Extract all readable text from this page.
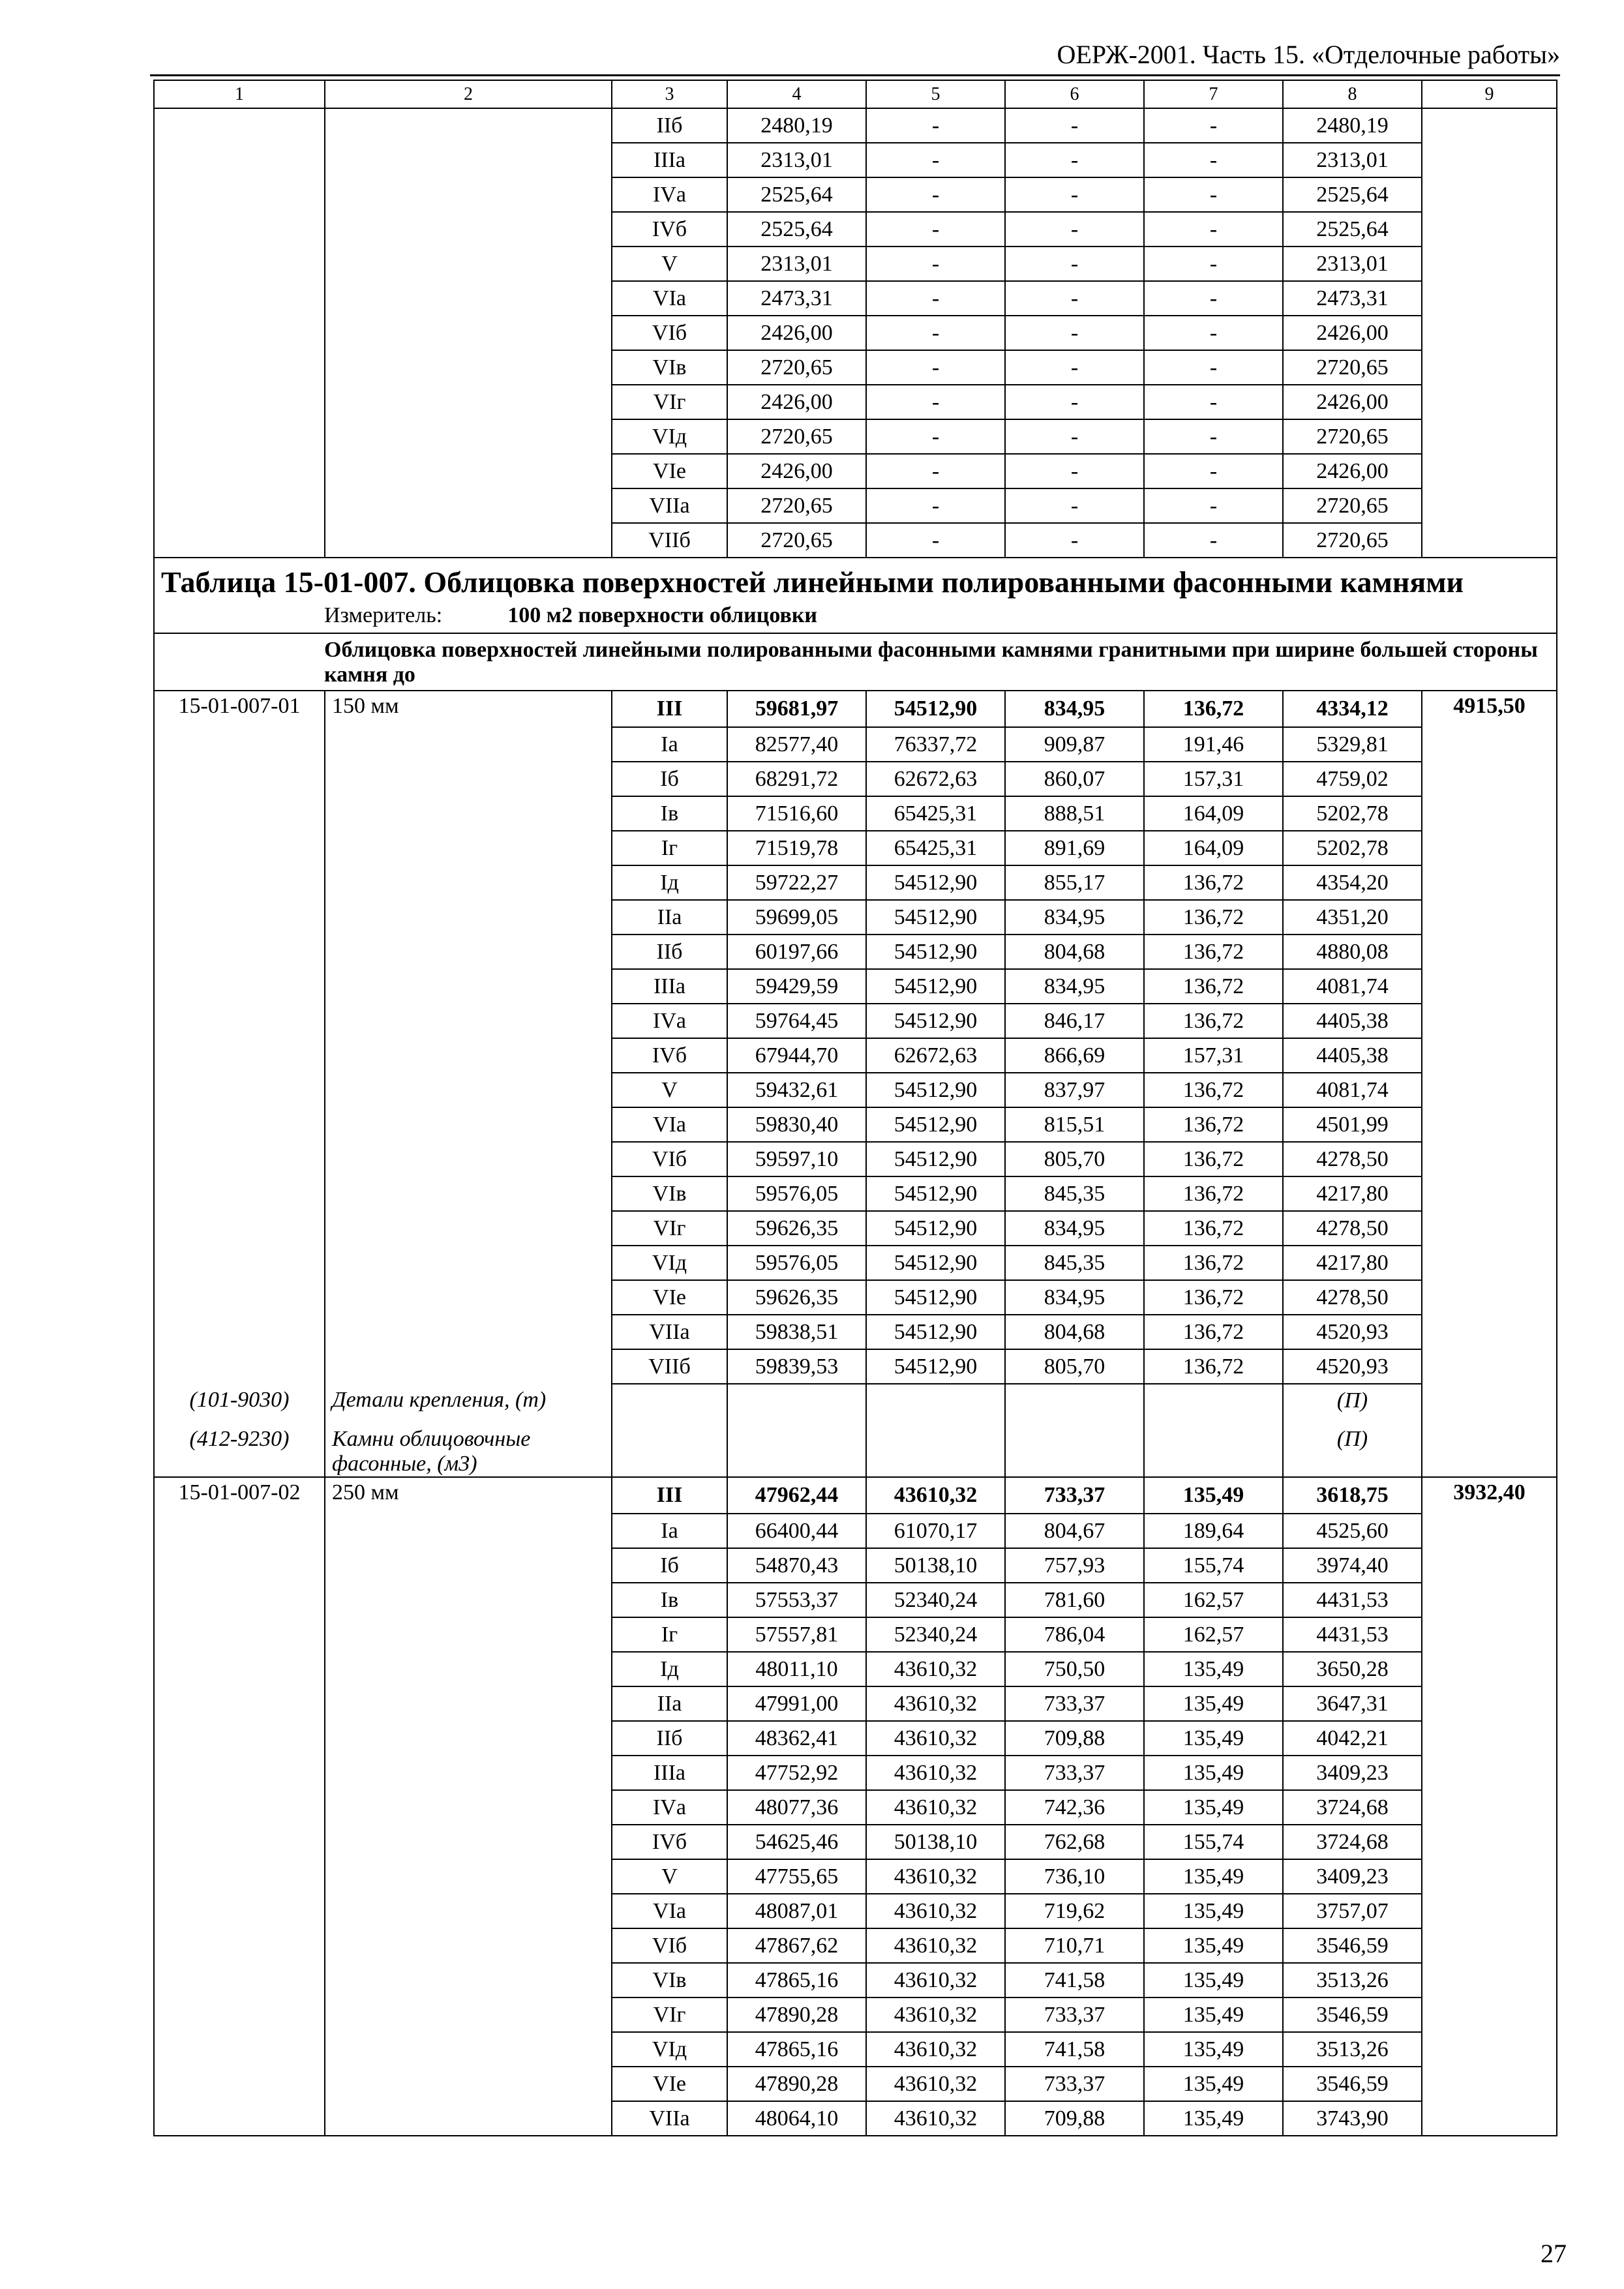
ОЕРЖ-2001. Часть 15. «Отделочные работы»
1	2	3	4	5	6	7	8	9
		IIб	2480,19	-	-	-	2480,19	
		IIIа	2313,01	-	-	-	2313,01	
		IVа	2525,64	-	-	-	2525,64	
		IVб	2525,64	-	-	-	2525,64	
		V	2313,01	-	-	-	2313,01	
		VIа	2473,31	-	-	-	2473,31	
		VIб	2426,00	-	-	-	2426,00	
		VIв	2720,65	-	-	-	2720,65	
		VIг	2426,00	-	-	-	2426,00	
		VIд	2720,65	-	-	-	2720,65	
		VIе	2426,00	-	-	-	2426,00	
		VIIа	2720,65	-	-	-	2720,65	
		VIIб	2720,65	-	-	-	2720,65	

Таблица 15-01-007. Облицовка поверхностей линейными полированными фасонными камнями
Измеритель: 100 м2 поверхности облицовки								

Облицовка поверхностей линейными полированными фасонными камнями гранитными при ширине большей стороны камня до								

15-01-007-01	150 мм	III	59681,97	54512,90	834,95	136,72	4334,12	4915,50
		Iа	82577,40	76337,72	909,87	191,46	5329,81	
		Iб	68291,72	62672,63	860,07	157,31	4759,02	
		Iв	71516,60	65425,31	888,51	164,09	5202,78	
		Iг	71519,78	65425,31	891,69	164,09	5202,78	
		Iд	59722,27	54512,90	855,17	136,72	4354,20	
		IIа	59699,05	54512,90	834,95	136,72	4351,20	
		IIб	60197,66	54512,90	804,68	136,72	4880,08	
		IIIа	59429,59	54512,90	834,95	136,72	4081,74	
		IVа	59764,45	54512,90	846,17	136,72	4405,38	
		IVб	67944,70	62672,63	866,69	157,31	4405,38	
		V	59432,61	54512,90	837,97	136,72	4081,74	
		VIа	59830,40	54512,90	815,51	136,72	4501,99	
		VIб	59597,10	54512,90	805,70	136,72	4278,50	
		VIв	59576,05	54512,90	845,35	136,72	4217,80	
		VIг	59626,35	54512,90	834,95	136,72	4278,50	
		VIд	59576,05	54512,90	845,35	136,72	4217,80	
		VIе	59626,35	54512,90	834,95	136,72	4278,50	
		VIIа	59838,51	54512,90	804,68	136,72	4520,93	
		VIIб	59839,53	54512,90	805,70	136,72	4520,93	
(101-9030)	Детали крепления, (т)						(П)	
(412-9230)	Камни облицовочные фасонные, (м3)						(П)	
15-01-007-02	250 мм	III	47962,44	43610,32	733,37	135,49	3618,75	3932,40
		Iа	66400,44	61070,17	804,67	189,64	4525,60	
		Iб	54870,43	50138,10	757,93	155,74	3974,40	
		Iв	57553,37	52340,24	781,60	162,57	4431,53	
		Iг	57557,81	52340,24	786,04	162,57	4431,53	
		Iд	48011,10	43610,32	750,50	135,49	3650,28	
		IIа	47991,00	43610,32	733,37	135,49	3647,31	
		IIб	48362,41	43610,32	709,88	135,49	4042,21	
		IIIа	47752,92	43610,32	733,37	135,49	3409,23	
		IVа	48077,36	43610,32	742,36	135,49	3724,68	
		IVб	54625,46	50138,10	762,68	155,74	3724,68	
		V	47755,65	43610,32	736,10	135,49	3409,23	
		VIа	48087,01	43610,32	719,62	135,49	3757,07	
		VIб	47867,62	43610,32	710,71	135,49	3546,59	
		VIв	47865,16	43610,32	741,58	135,49	3513,26	
		VIг	47890,28	43610,32	733,37	135,49	3546,59	
		VIд	47865,16	43610,32	741,58	135,49	3513,26	
		VIе	47890,28	43610,32	733,37	135,49	3546,59	
		VIIа	48064,10	43610,32	709,88	135,49	3743,90	
27
